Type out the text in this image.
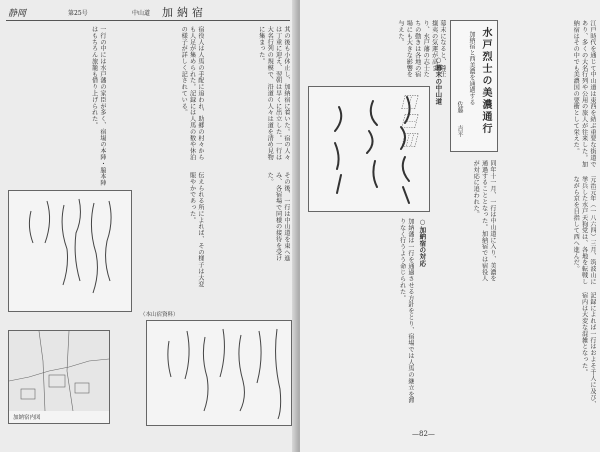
静岡	第25号	中山道 加納宿
其の後も小休止し、加納宿に着いた。宿の人々は丁重に迎え、翌朝は早くに出立した。一行は大名行列の規模で、沿道の人々は道を清め見物に集まった。
宿役人は人馬の手配に追われ、助郷の村々からも人足が集められた。記録には人馬の数や休泊の様子が詳しく記されている。
一行の中には水戸藩の家臣が多く、宿場の本陣・脇本陣はもちろん旅籠も借り上げられた。
その後、一行は中山道を東へ進み、各宿場で同様の接待を受けた。
伝えられる所によれば、その様子は大変賑やかであった。
（本山宿資料）
加納宿内図
水戸烈士の美濃通行
加納宿と西美濃を通過する
佐藤
吉平	江戸時代を通じて中山道は東西を結ぶ重要な街道であり、多くの大名行列や公用の旅人が往来した。加納宿はその中でも美濃国の要衝として栄えた。
幕末になると、尊王攘夷の気運が高まり、水戸藩の志士たちの動きは各地の宿場にも大きな影響を与えた。
○幕末の中山道
⿰⿱⿲
元治元年（一八六四）三月、筑波山に挙兵した水戸天狗党は、各地を転戦しながら京を目指して西へ進んだ。
同年十一月、一行は中山道に入り、美濃を通過することとなった。加納宿では宿役人が対応に追われた。
○加納宿の対応
加納藩は一行を通過させる方針をとり、宿場では人馬の継立を滞りなく行うよう命じられた。
記録によれば一行はおよそ千人に及び、宿内は大変な混雑となった。
—82—
